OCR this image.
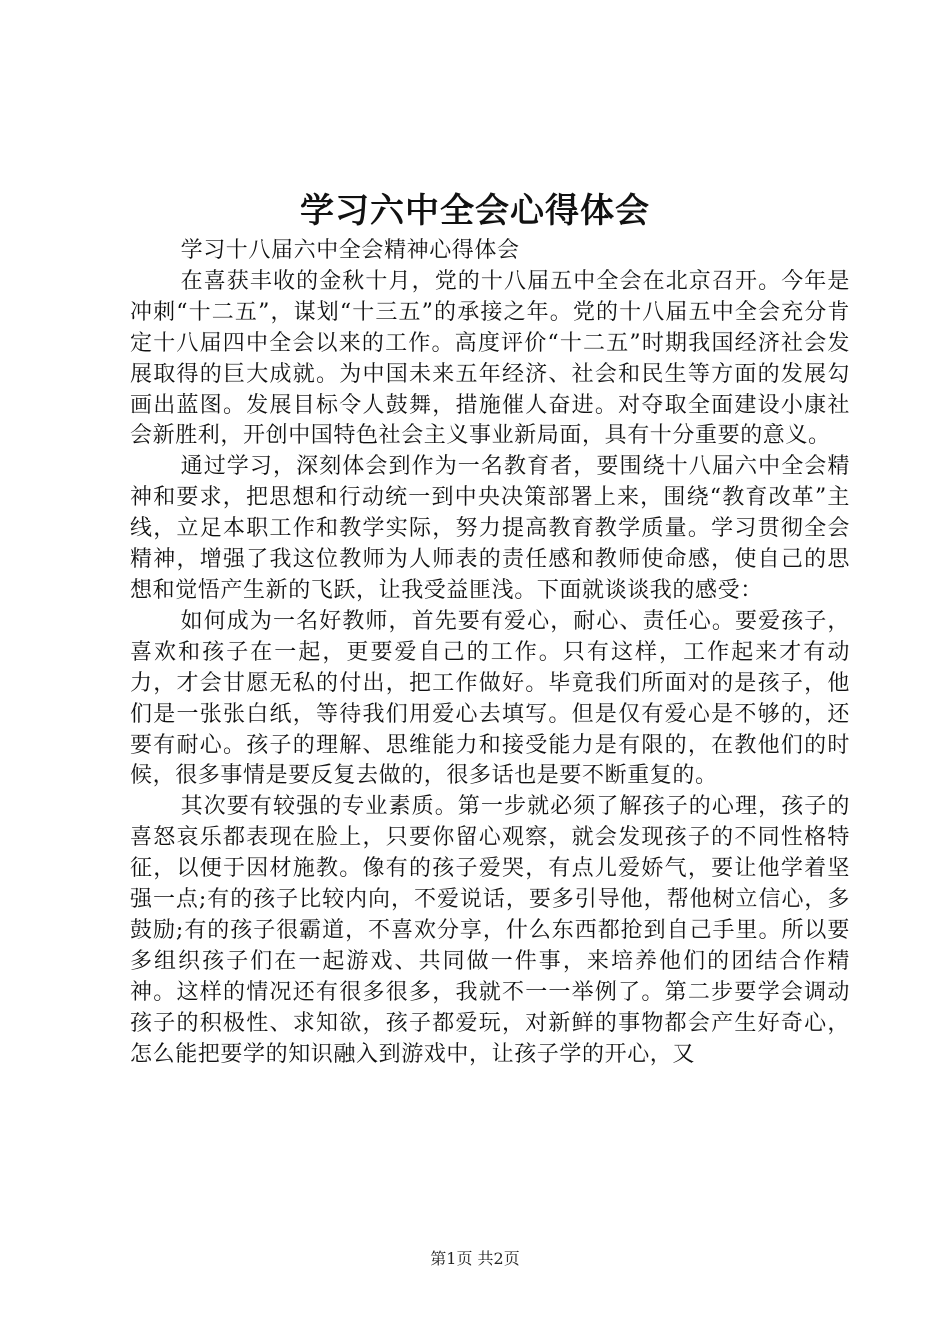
学习六中全会心得体会

学习十八届六中全会精神心得体会

在喜获丰收的金秋十月，党的十八届五中全会在北京召开。今年是冲刺“十二五”，谋划“十三五”的承接之年。党的十八届五中全会充分肯定十八届四中全会以来的工作。高度评价“十二五”时期我国经济社会发展取得的巨大成就。为中国未来五年经济、社会和民生等方面的发展勾画出蓝图。发展目标令人鼓舞，措施催人奋进。对夺取全面建设小康社会新胜利，开创中国特色社会主义事业新局面，具有十分重要的意义。

通过学习，深刻体会到作为一名教育者，要围绕十八届六中全会精神和要求，把思想和行动统一到中央决策部署上来，围绕“教育改革”主线，立足本职工作和教学实际，努力提高教育教学质量。学习贯彻全会精神，增强了我这位教师为人师表的责任感和教师使命感，使自己的思想和觉悟产生新的飞跃，让我受益匪浅。下面就谈谈我的感受：

如何成为一名好教师，首先要有爱心，耐心、责任心。要爱孩子，喜欢和孩子在一起，更要爱自己的工作。只有这样，工作起来才有动力，才会甘愿无私的付出，把工作做好。毕竟我们所面对的是孩子，他们是一张张白纸，等待我们用爱心去填写。但是仅有爱心是不够的，还要有耐心。孩子的理解、思维能力和接受能力是有限的，在教他们的时候，很多事情是要反复去做的，很多话也是要不断重复的。

其次要有较强的专业素质。第一步就必须了解孩子的心理，孩子的喜怒哀乐都表现在脸上，只要你留心观察，就会发现孩子的不同性格特征，以便于因材施教。像有的孩子爱哭，有点儿爱娇气，要让他学着坚强一点;有的孩子比较内向，不爱说话，要多引导他，帮他树立信心，多鼓励;有的孩子很霸道，不喜欢分享，什么东西都抢到自己手里。所以要多组织孩子们在一起游戏、共同做一件事，来培养他们的团结合作精神。这样的情况还有很多很多，我就不一一举例了。第二步要学会调动孩子的积极性、求知欲，孩子都爱玩，对新鲜的事物都会产生好奇心，怎么能把要学的知识融入到游戏中，让孩子学的开心，又

第1页 共2页
